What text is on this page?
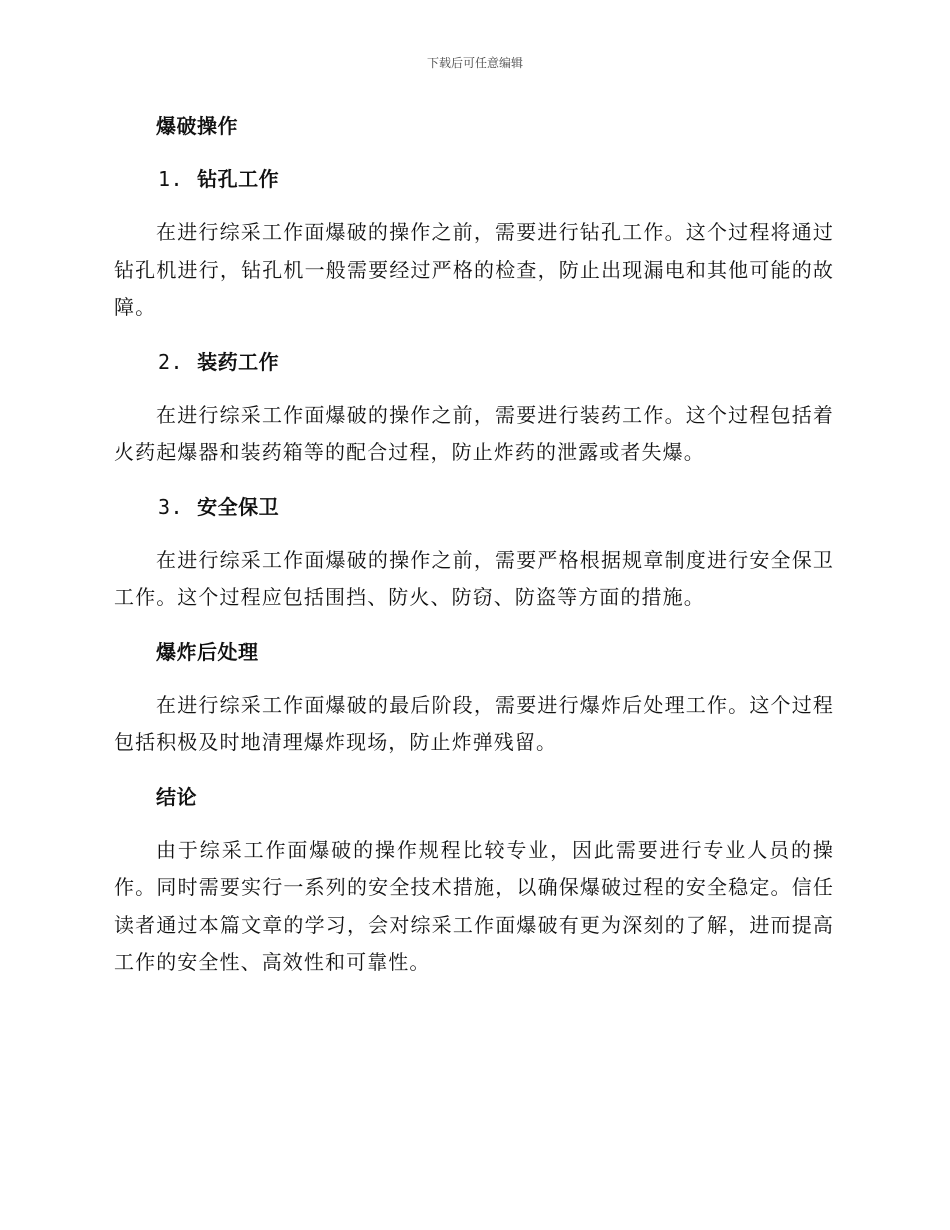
下载后可任意编辑
爆破操作
1. 钻孔工作

在进行综采工作面爆破的操作之前，需要进行钻孔工作。这个过程将通过钻孔机进行，钻孔机一般需要经过严格的检查，防止出现漏电和其他可能的故障。

2. 装药工作

在进行综采工作面爆破的操作之前，需要进行装药工作。这个过程包括着火药起爆器和装药箱等的配合过程，防止炸药的泄露或者失爆。

3. 安全保卫

在进行综采工作面爆破的操作之前，需要严格根据规章制度进行安全保卫工作。这个过程应包括围挡、防火、防窃、防盗等方面的措施。

爆炸后处理

在进行综采工作面爆破的最后阶段，需要进行爆炸后处理工作。这个过程包括积极及时地清理爆炸现场，防止炸弹残留。

结论

由于综采工作面爆破的操作规程比较专业，因此需要进行专业人员的操作。同时需要实行一系列的安全技术措施，以确保爆破过程的安全稳定。信任读者通过本篇文章的学习，会对综采工作面爆破有更为深刻的了解，进而提高工作的安全性、高效性和可靠性。
